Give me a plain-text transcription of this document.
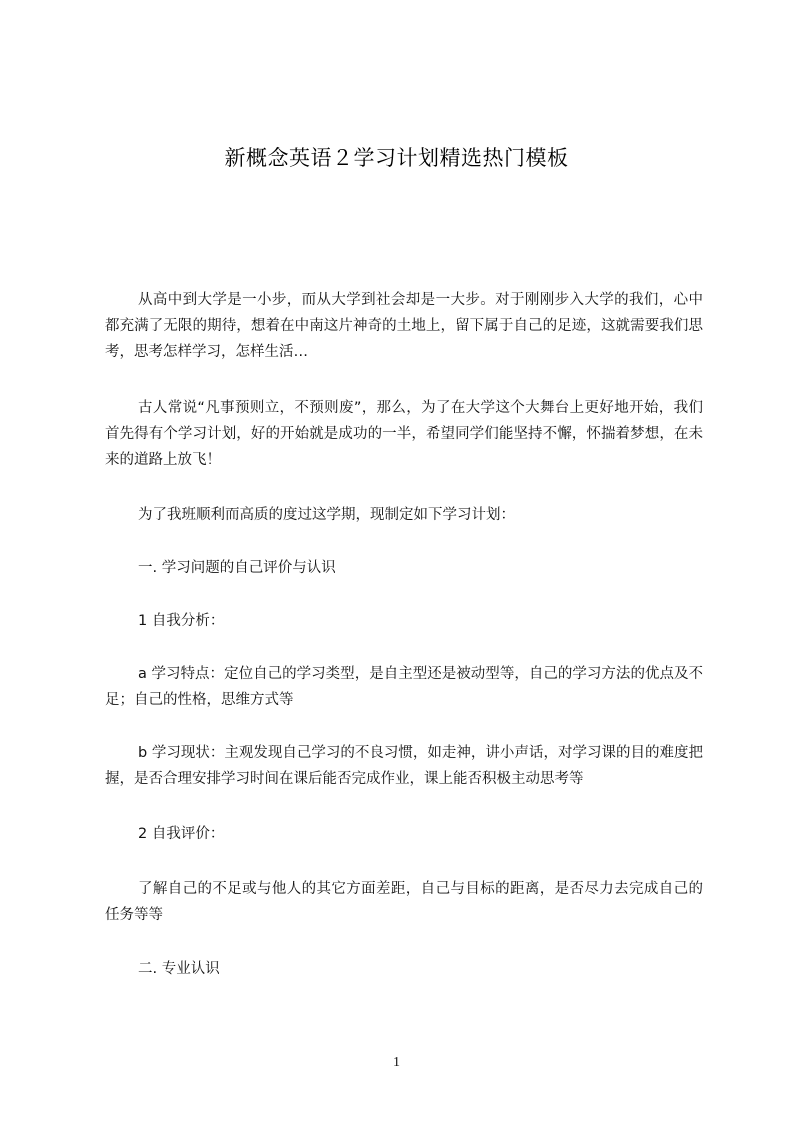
新概念英语２学习计划精选热门模板

从高中到大学是一小步，而从大学到社会却是一大步。对于刚刚步入大学的我们，心中都充满了无限的期待，想着在中南这片神奇的土地上，留下属于自己的足迹，这就需要我们思考，思考怎样学习，怎样生活…

古人常说“凡事预则立，不预则废”，那么，为了在大学这个大舞台上更好地开始，我们首先得有个学习计划，好的开始就是成功的一半，希望同学们能坚持不懈，怀揣着梦想，在未来的道路上放飞！

为了我班顺利而高质的度过这学期，现制定如下学习计划：

一. 学习问题的自己评价与认识

1 自我分析：

a 学习特点：定位自己的学习类型，是自主型还是被动型等，自己的学习方法的优点及不足；自己的性格，思维方式等

b 学习现状：主观发现自己学习的不良习惯，如走神，讲小声话，对学习课的目的难度把握，是否合理安排学习时间在课后能否完成作业，课上能否积极主动思考等

2 自我评价：

了解自己的不足或与他人的其它方面差距，自己与目标的距离，是否尽力去完成自己的任务等等

二. 专业认识

1
